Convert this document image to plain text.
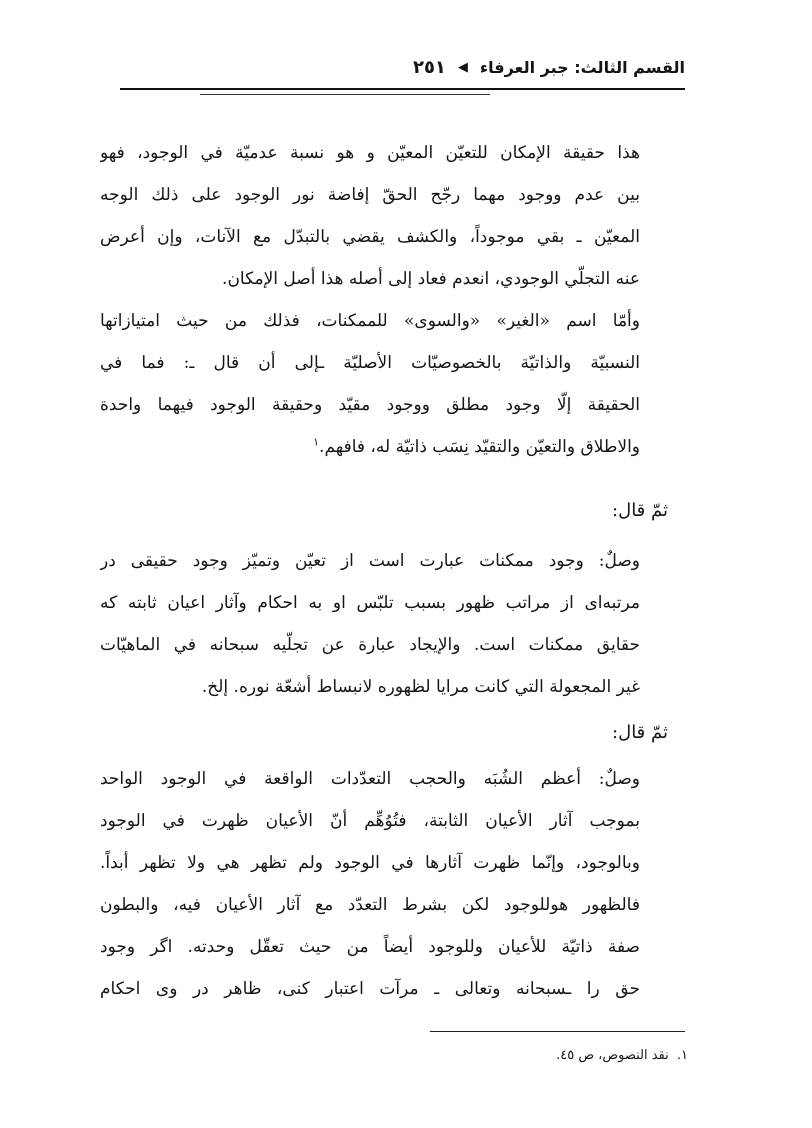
القسم الثالث: جبر العرفاء
◀
٢٥١
هذا حقيقة الإمكان للتعيّن المعيّن و هو نسبة عدميّة في الوجود، فهو
بين عدم ووجود مهما رجّح الحقّ إفاضة نور الوجود على ذلك الوجه
المعيّن ـ بقي موجوداً، والكشف يقضي بالتبدّل مع الآنات، وإن أعرض
عنه التجلّي الوجودي، انعدم فعاد إلى أصله هذا أصل الإمكان.
وأمّا اسم «الغير» «والسوى» للممكنات، فذلك من حيث امتيازاتها
النسبيّة والذاتيّة بالخصوصيّات الأصليّة ـإلى أن قال ـ: فما في
الحقيقة إلّا وجود مطلق ووجود مقيّد وحقيقة الوجود فيهما واحدة
والاطلاق والتعيّن والتقيّد نِسَب ذاتيّة له، فافهم.$^١$
ثمّ قال:
وصلٌ: وجود ممكنات عبارت است از تعيّن وتميّز وجود حقيقى در
مرتبه‌اى از مراتب ظهور بسبب تلبّس او به احكام وآثار اعيان ثابته كه
حقايق ممكنات است. والإيجاد عبارة عن تجلّيه سبحانه في الماهيّات
غير المجعولة التي كانت مرايا لظهوره لانبساط أشعّة نوره. إلخ.
ثمّ قال:
وصلٌ: أعظم الشُبَه والحجب التعدّدات الواقعة في الوجود الواحد
بموجب آثار الأعيان الثابتة، فتُوُهِّم أنّ الأعيان ظهرت في الوجود
وبالوجود، وإنّما ظهرت آثارها في الوجود ولم تظهر هي ولا تظهر أبداً.
فالظهور هوللوجود لكن بشرط التعدّد مع آثار الأعيان فيه، والبطون
صفة ذاتيّة للأعيان وللوجود أيضاً من حيث تعقّل وحدته. اگر وجود
حق را ـسبحانه وتعالى ـ مرآت اعتبار كنى، ظاهر در وى احكام
١. نقد النصوص، ص ٤٥.
